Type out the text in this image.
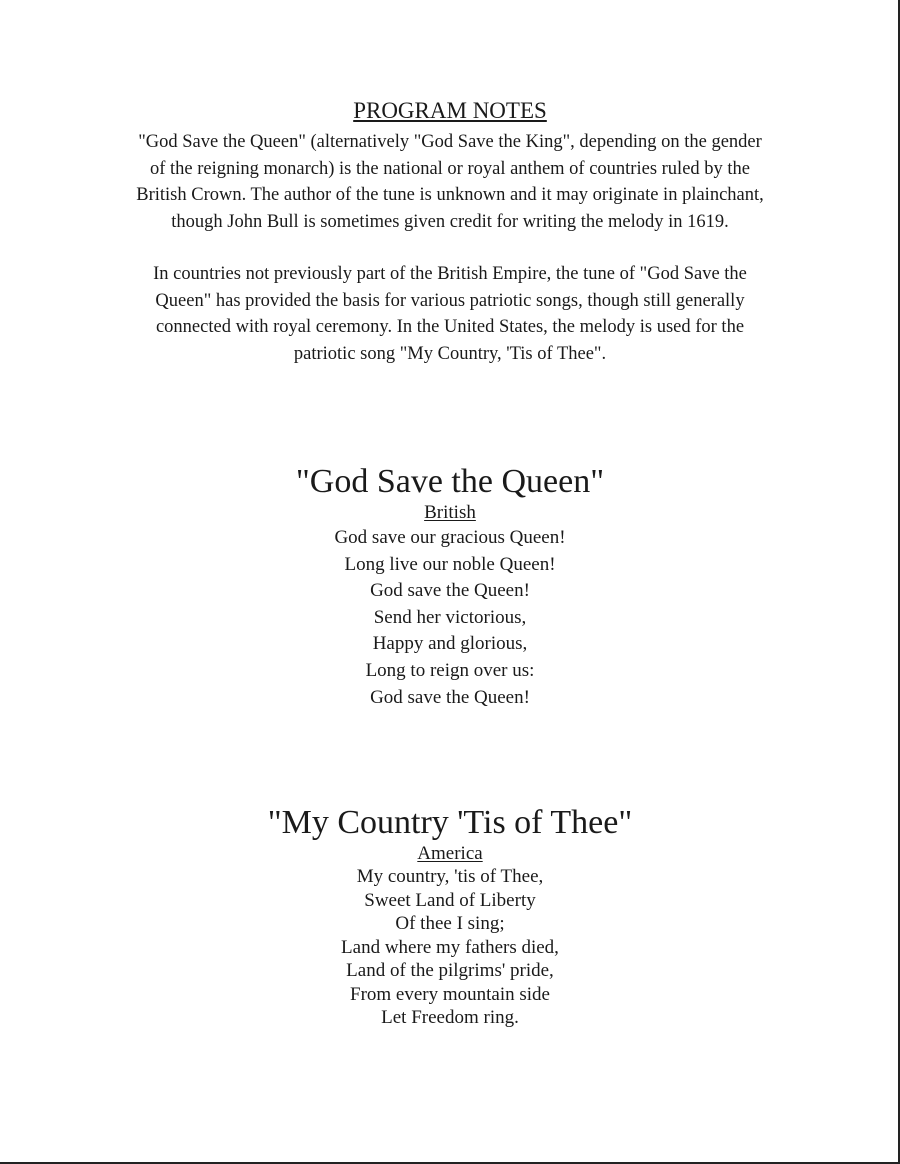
PROGRAM NOTES
"God Save the Queen" (alternatively "God Save the King", depending on the gender
of the reigning monarch) is the national or royal anthem of countries ruled by the
British Crown. The author of the tune is unknown and it may originate in plainchant,
though John Bull is sometimes given credit for writing the melody in 1619.
In countries not previously part of the British Empire, the tune of "God Save the
Queen" has provided the basis for various patriotic songs, though still generally
connected with royal ceremony. In the United States, the melody is used for the
patriotic song "My Country, 'Tis of Thee".
"God Save the Queen"
British
God save our gracious Queen!
Long live our noble Queen!
God save the Queen!
Send her victorious,
Happy and glorious,
Long to reign over us:
God save the Queen!
"My Country 'Tis of Thee"
America
My country, 'tis of Thee,
Sweet Land of Liberty
Of thee I sing;
Land where my fathers died,
Land of the pilgrims' pride,
From every mountain side
Let Freedom ring.
